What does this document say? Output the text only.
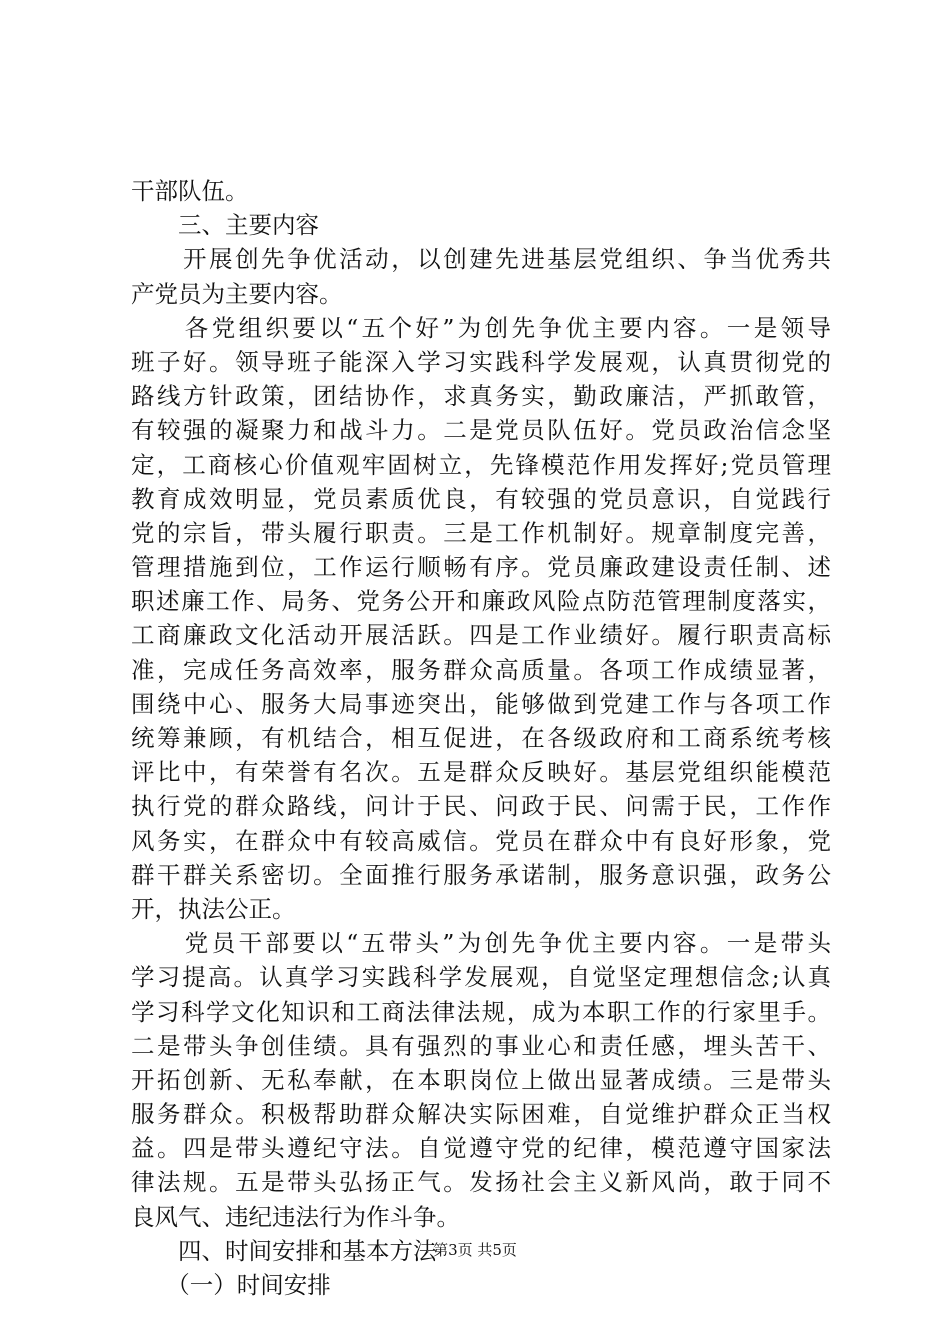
干部队伍。
　　三、主要内容
　　开展创先争优活动，以创建先进基层党组织、争当优秀共
产党员为主要内容。
　　各党组织要以“五个好”为创先争优主要内容。一是领导
班子好。领导班子能深入学习实践科学发展观，认真贯彻党的
路线方针政策，团结协作，求真务实，勤政廉洁，严抓敢管，
有较强的凝聚力和战斗力。二是党员队伍好。党员政治信念坚
定，工商核心价值观牢固树立，先锋模范作用发挥好;党员管理
教育成效明显，党员素质优良，有较强的党员意识，自觉践行
党的宗旨，带头履行职责。三是工作机制好。规章制度完善，
管理措施到位，工作运行顺畅有序。党员廉政建设责任制、述
职述廉工作、局务、党务公开和廉政风险点防范管理制度落实，
工商廉政文化活动开展活跃。四是工作业绩好。履行职责高标
准，完成任务高效率，服务群众高质量。各项工作成绩显著，
围绕中心、服务大局事迹突出，能够做到党建工作与各项工作
统筹兼顾，有机结合，相互促进，在各级政府和工商系统考核
评比中，有荣誉有名次。五是群众反映好。基层党组织能模范
执行党的群众路线，问计于民、问政于民、问需于民，工作作
风务实，在群众中有较高威信。党员在群众中有良好形象，党
群干群关系密切。全面推行服务承诺制，服务意识强，政务公
开，执法公正。
　　党员干部要以“五带头”为创先争优主要内容。一是带头
学习提高。认真学习实践科学发展观，自觉坚定理想信念;认真
学习科学文化知识和工商法律法规，成为本职工作的行家里手。
二是带头争创佳绩。具有强烈的事业心和责任感，埋头苦干、
开拓创新、无私奉献，在本职岗位上做出显著成绩。三是带头
服务群众。积极帮助群众解决实际困难，自觉维护群众正当权
益。四是带头遵纪守法。自觉遵守党的纪律，模范遵守国家法
律法规。五是带头弘扬正气。发扬社会主义新风尚，敢于同不
良风气、违纪违法行为作斗争。
　　四、时间安排和基本方法
　　（一）时间安排
第3页 共5页
